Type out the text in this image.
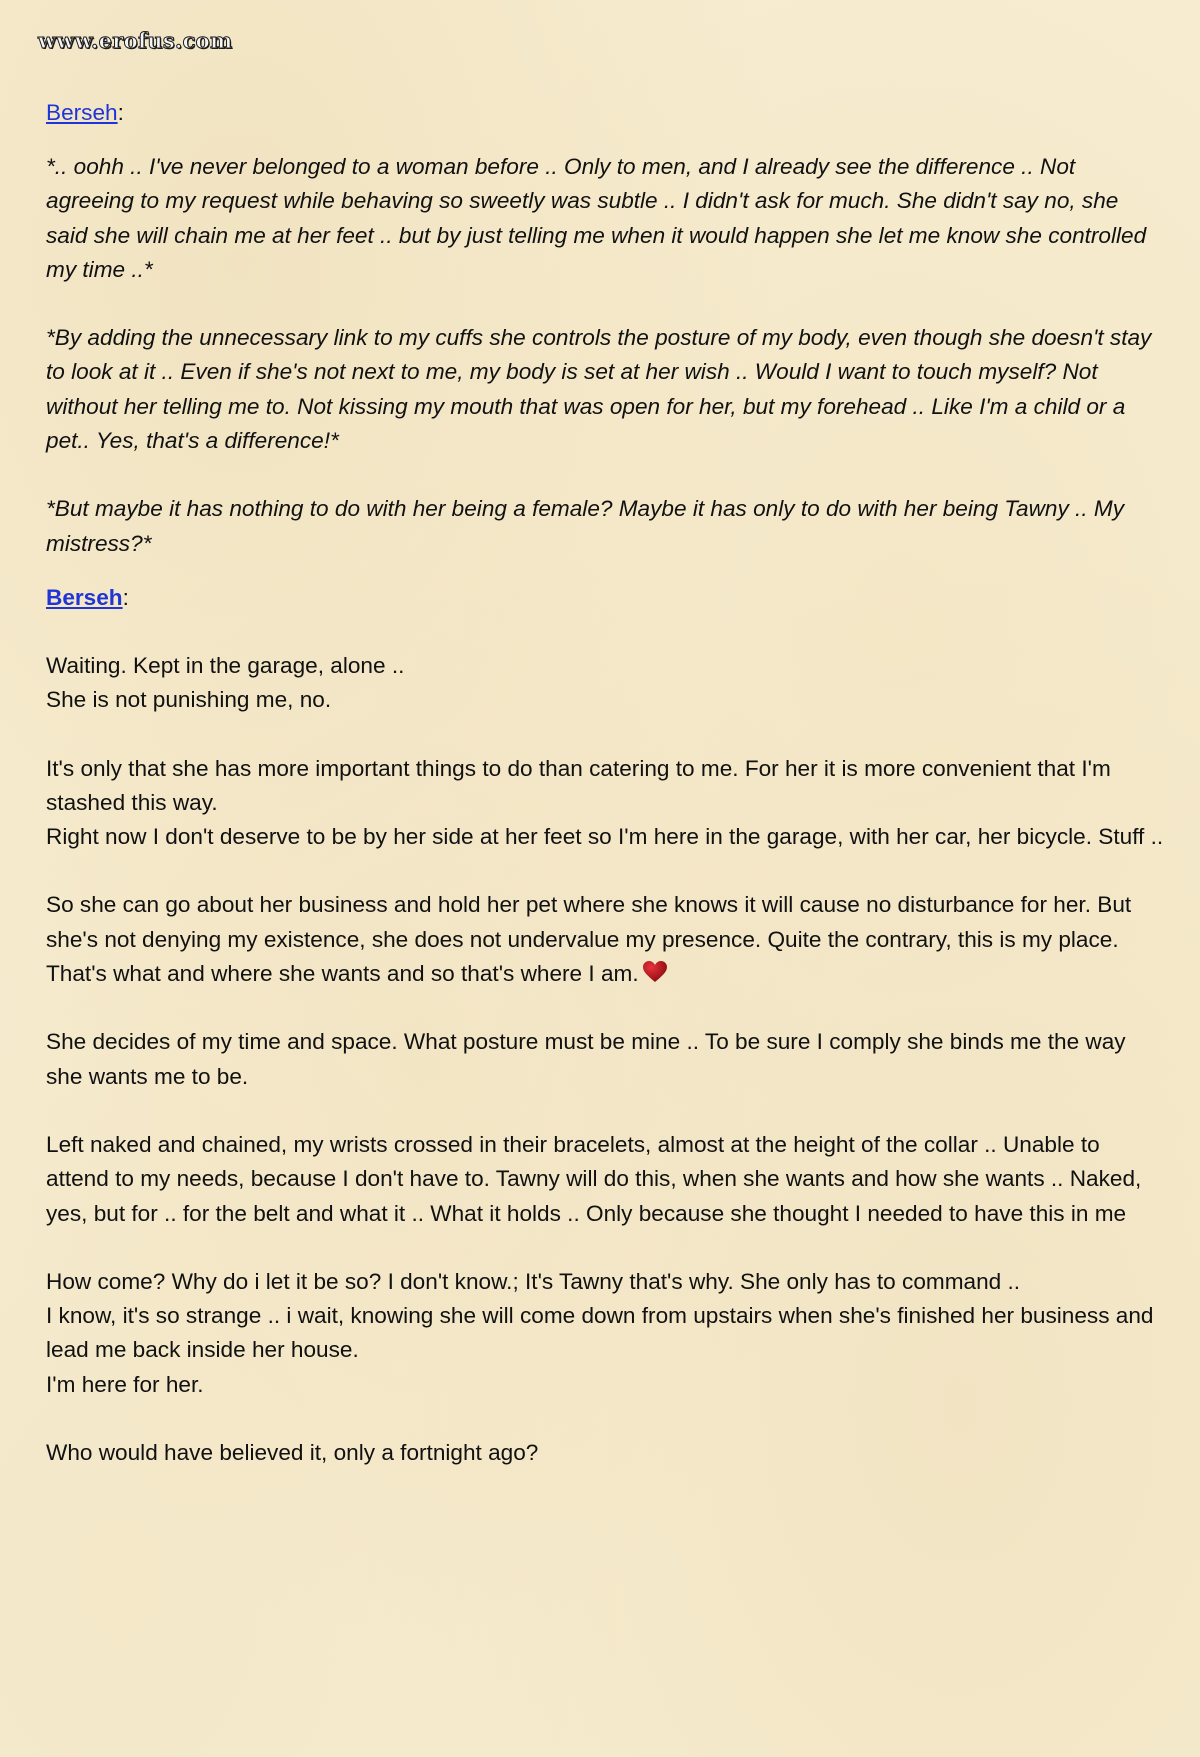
www.erofus.com
Berseh:

*.. oohh .. I've never belonged to a woman before .. Only to men, and I already see the difference .. Not agreeing to my request while behaving so sweetly was subtle .. I didn't ask for much. She didn't say no, she said she will chain me at her feet .. but by just telling me when it would happen she let me know she controlled my time ..*

*By adding the unnecessary link to my cuffs she controls the posture of my body, even though she doesn't stay to look at it .. Even if she's not next to me, my body is set at her wish .. Would I want to touch myself? Not without her telling me to. Not kissing my mouth that was open for her, but my forehead .. Like I'm a child or a pet.. Yes, that's a difference!*

*But maybe it has nothing to do with her being a female? Maybe it has only to do with her being Tawny .. My mistress?*

Berseh:

Waiting. Kept in the garage, alone ..

She is not punishing me, no.

It's only that she has more important things to do than catering to me. For her it is more convenient that I'm stashed this way.

Right now I don't deserve to be by her side at her feet so I'm here in the garage, with her car, her bicycle. Stuff ..

So she can go about her business and hold her pet where she knows it will cause no disturbance for her. But she's not denying my existence, she does not undervalue my presence. Quite the contrary, this is my place. That's what and where she wants and so that's where I am.

She decides of my time and space. What posture must be mine .. To be sure I comply she binds me the way she wants me to be.

Left naked and chained, my wrists crossed in their bracelets, almost at the height of the collar .. Unable to attend to my needs, because I don't have to. Tawny will do this, when she wants and how she wants .. Naked, yes, but for .. for the belt and what it .. What it holds .. Only because she thought I needed to have this in me

How come? Why do i let it be so? I don't know.; It's Tawny that's why. She only has to command ..

I know, it's so strange .. i wait, knowing she will come down from upstairs when she's finished her business and lead me back inside her house.

I'm here for her.

Who would have believed it, only a fortnight ago?
